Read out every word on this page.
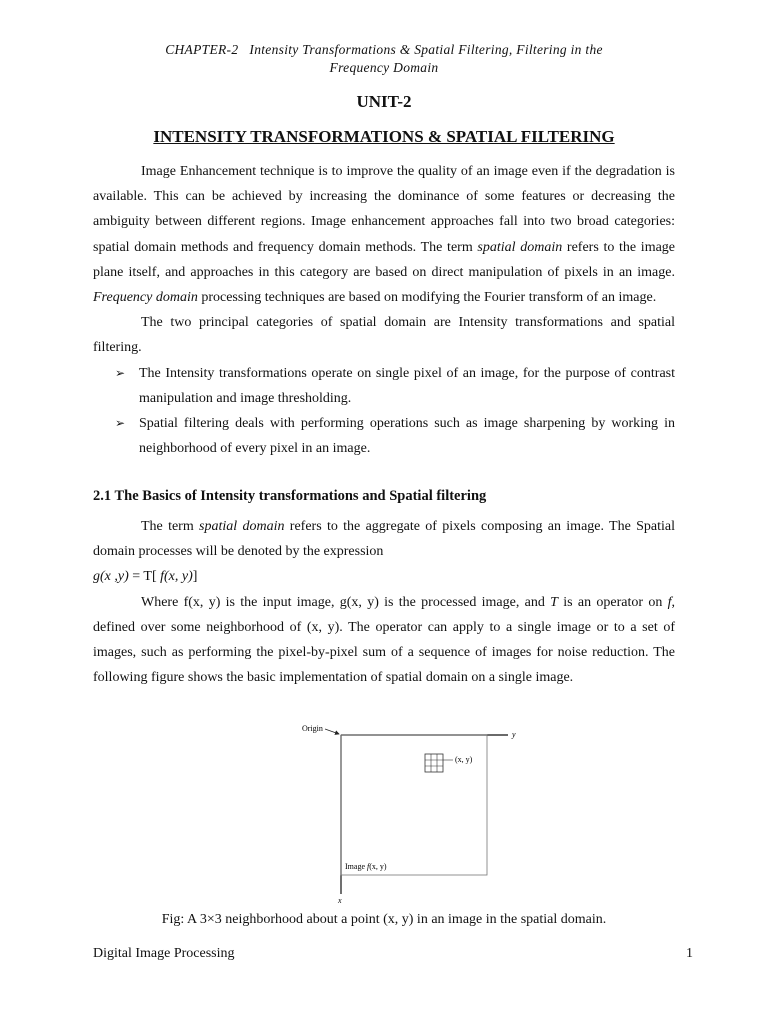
CHAPTER-2   Intensity Transformations & Spatial Filtering, Filtering in the
Frequency Domain
UNIT-2
INTENSITY TRANSFORMATIONS & SPATIAL FILTERING

Image Enhancement technique is to improve the quality of an image even if the degradation is available. This can be achieved by increasing the dominance of some features or decreasing the ambiguity between different regions. Image enhancement approaches fall into two broad categories: spatial domain methods and frequency domain methods. The term spatial domain refers to the image plane itself, and approaches in this category are based on direct manipulation of pixels in an image. Frequency domain processing techniques are based on modifying the Fourier transform of an image.

The two principal categories of spatial domain are Intensity transformations and spatial filtering.

➢ The Intensity transformations operate on single pixel of an image, for the purpose of contrast manipulation and image thresholding.
➢ Spatial filtering deals with performing operations such as image sharpening by working in neighborhood of every pixel in an image.
2.1 The Basics of Intensity transformations and Spatial filtering

The term spatial domain refers to the aggregate of pixels composing an image. The Spatial domain processes will be denoted by the expression

g(x ,y) = T[ f(x, y)]

Where f(x, y) is the input image, g(x, y) is the processed image, and T is an operator on f, defined over some neighborhood of (x, y). The operator can apply to a single image or to a set of images, such as performing the pixel-by-pixel sum of a sequence of images for noise reduction. The following figure shows the basic implementation of spatial domain on a single image.

Origin
y
x
(x, y)
Image f(x, y)
Fig: A 3×3 neighborhood about a point (x, y) in an image in the spatial domain.
Digital Image Processing	1
